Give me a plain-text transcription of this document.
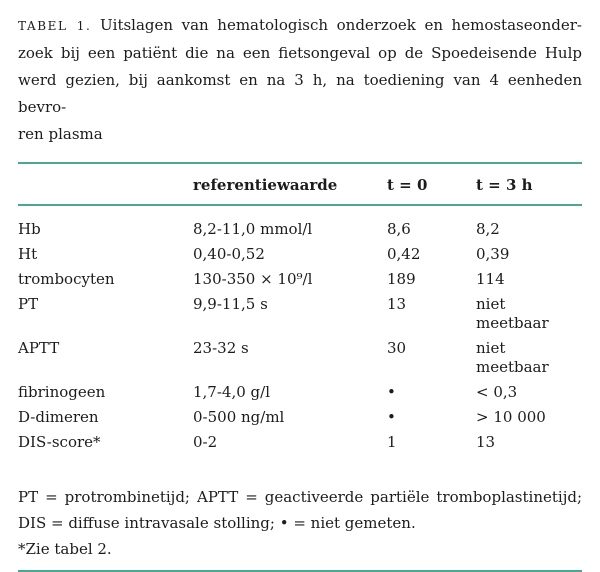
TABEL 1. Uitslagen van hematologisch onderzoek en hemostaseonder-
zoek bij een patiënt die na een fietsongeval op de Spoedeisende Hulp
werd gezien, bij aankomst en na 3 h, na toediening van 4 eenheden bevro-
ren plasma

	referentiewaarde	t = 0	t = 3 h
Hb	8,2-11,0 mmol/l	8,6	8,2
Ht	0,40-0,52	0,42	0,39
trombocyten	130-350 × 10⁹/l	189	114
PT	9,9-11,5 s	13	niet meetbaar
APTT	23-32 s	30	niet meetbaar
fibrinogeen	1,7-4,0 g/l	•	< 0,3
D-dimeren	0-500 ng/ml	•	> 10 000
DIS-score*	0-2	1	13
PT = protrombinetijd; APTT = geactiveerde partiële tromboplastinetijd;
DIS = diffuse intravasale stolling; • = niet gemeten.
*Zie tabel 2.
